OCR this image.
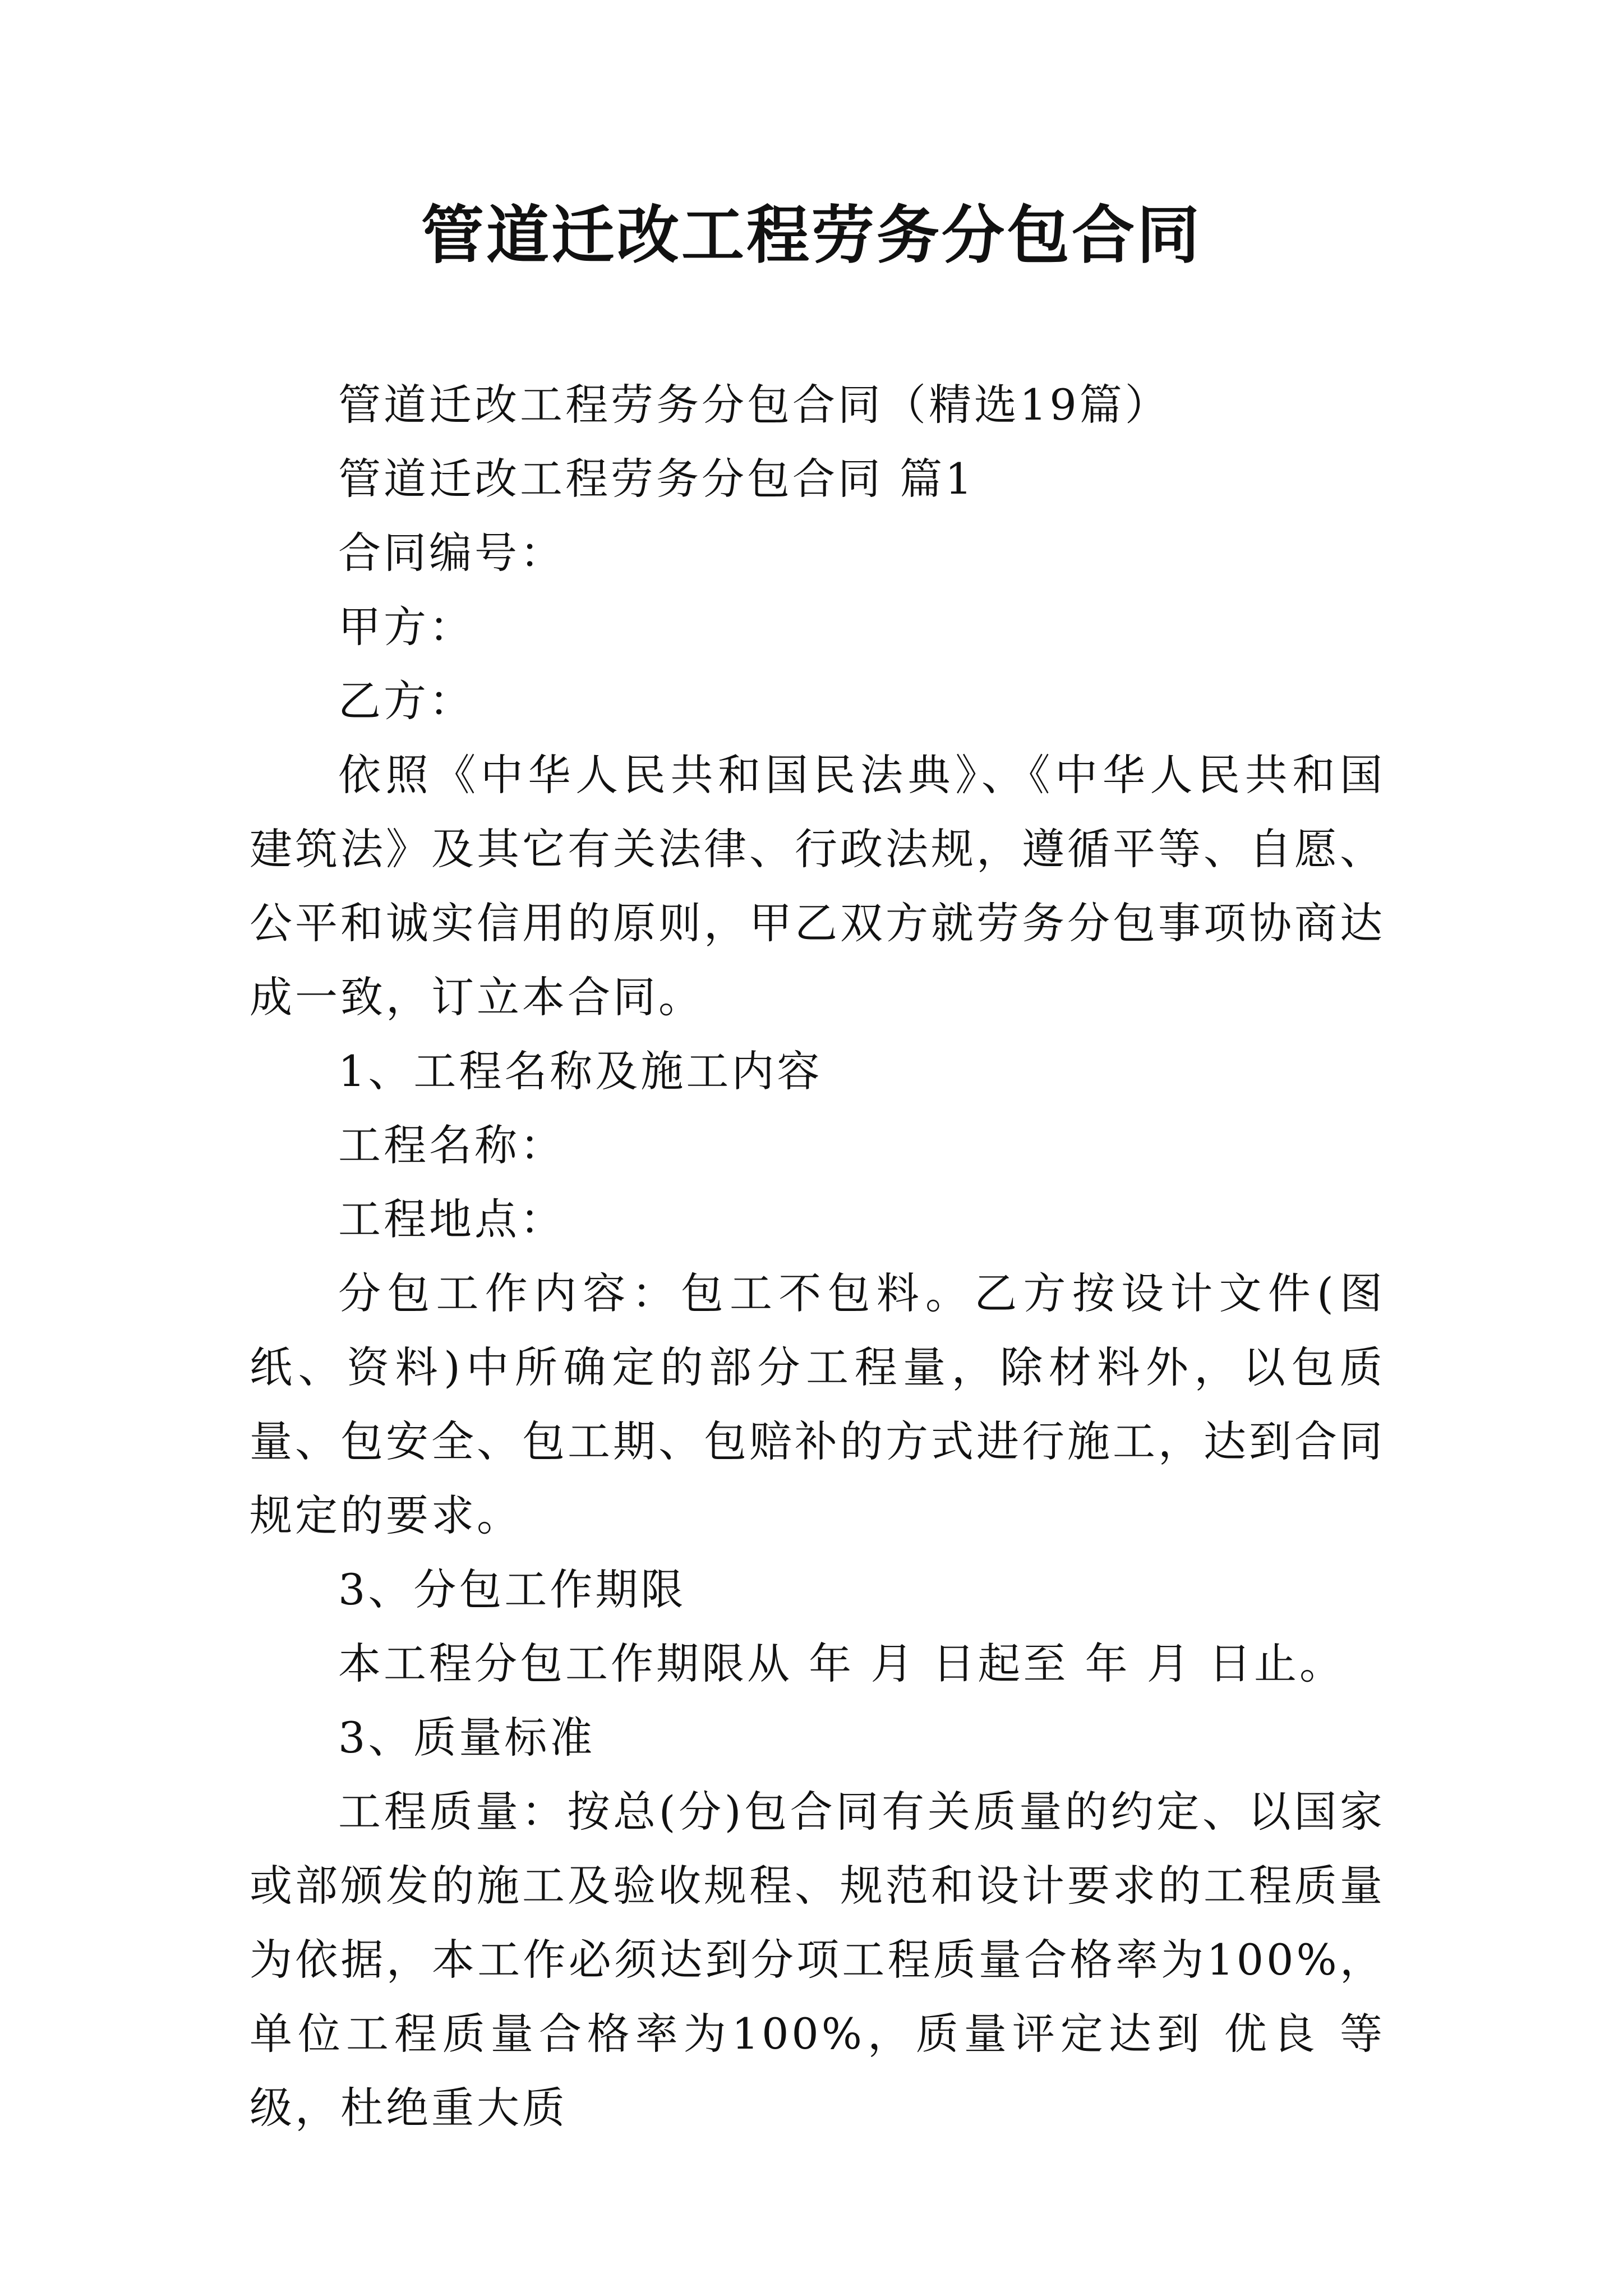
管道迁改工程劳务分包合同

管道迁改工程劳务分包合同（精选19篇）

管道迁改工程劳务分包合同 篇1

合同编号：

甲方：

乙方：

依照《中华人民共和国民法典》、《中华人民共和国建筑法》及其它有关法律、行政法规，遵循平等、自愿、公平和诚实信用的原则，甲乙双方就劳务分包事项协商达成一致，订立本合同。

1、工程名称及施工内容

工程名称：

工程地点：

分包工作内容：包工不包料。乙方按设计文件(图纸、资料)中所确定的部分工程量，除材料外，以包质量、包安全、包工期、包赔补的方式进行施工，达到合同规定的要求。

3、分包工作期限

本工程分包工作期限从 年 月 日起至 年 月 日止。

3、质量标准

工程质量：按总(分)包合同有关质量的约定、以国家或部颁发的施工及验收规程、规范和设计要求的工程质量为依据，本工作必须达到分项工程质量合格率为100%，单位工程质量合格率为100%，质量评定达到 优良 等级，杜绝重大质
